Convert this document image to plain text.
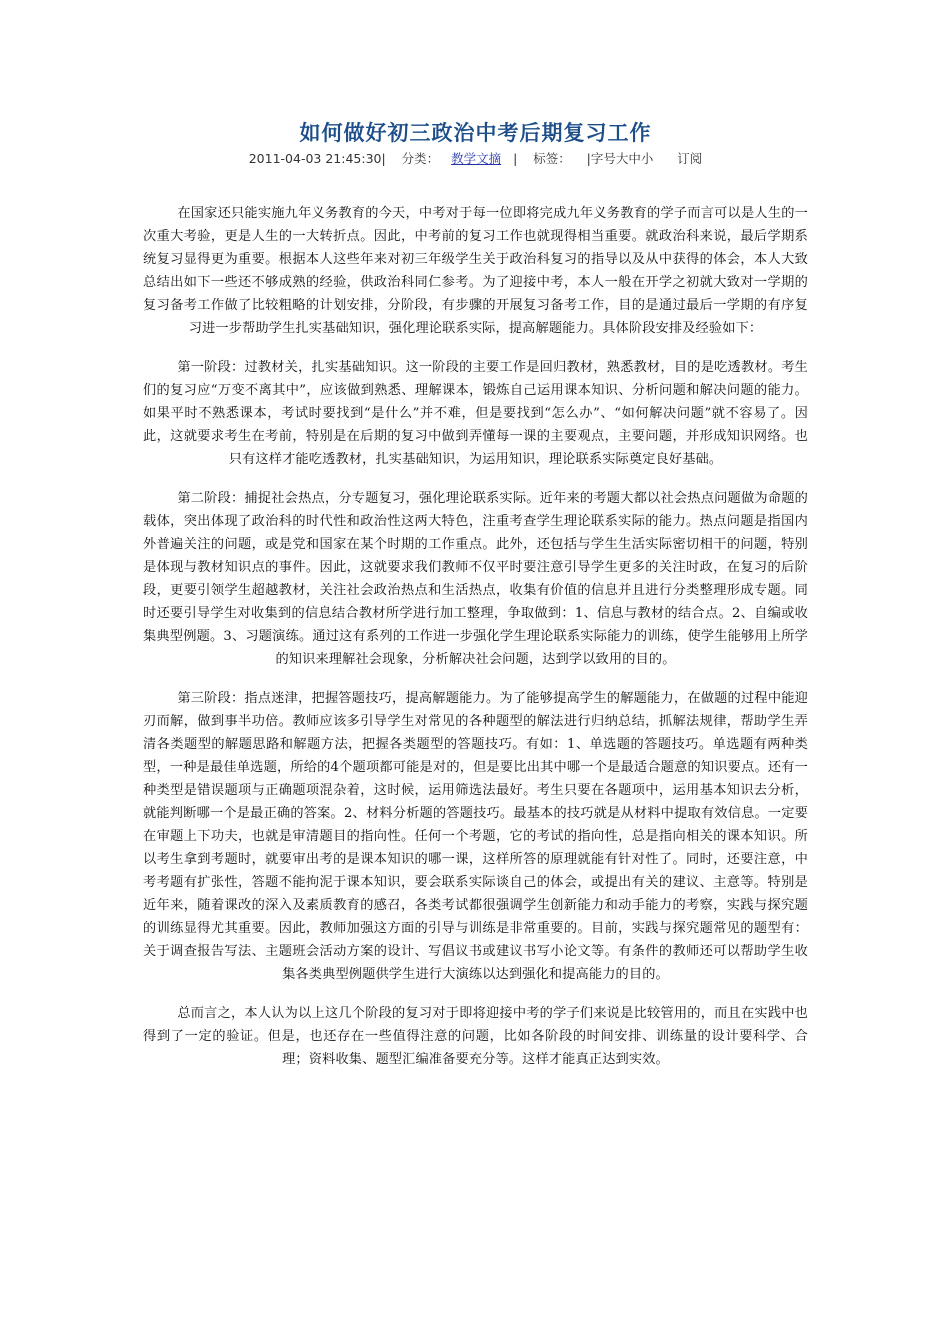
如何做好初三政治中考后期复习工作
2011-04-03 21:45:30| 分类： 教学文摘 | 标签： |字号大中小 订阅

在国家还只能实施九年义务教育的今天，中考对于每一位即将完成九年义务教育的学子而言可以是人生的一次重大考验，更是人生的一大转折点。因此，中考前的复习工作也就现得相当重要。就政治科来说，最后学期系统复习显得更为重要。根据本人这些年来对初三年级学生关于政治科复习的指导以及从中获得的体会，本人大致总结出如下一些还不够成熟的经验，供政治科同仁参考。为了迎接中考，本人一般在开学之初就大致对一学期的复习备考工作做了比较粗略的计划安排，分阶段，有步骤的开展复习备考工作，目的是通过最后一学期的有序复习进一步帮助学生扎实基础知识，强化理论联系实际，提高解题能力。具体阶段安排及经验如下：

第一阶段：过教材关，扎实基础知识。这一阶段的主要工作是回归教材，熟悉教材，目的是吃透教材。考生们的复习应“万变不离其中”，应该做到熟悉、理解课本，锻炼自己运用课本知识、分析问题和解决问题的能力。如果平时不熟悉课本，考试时要找到“是什么”并不难，但是要找到“怎么办”、“如何解决问题”就不容易了。因此，这就要求考生在考前，特别是在后期的复习中做到弄懂每一课的主要观点，主要问题，并形成知识网络。也只有这样才能吃透教材，扎实基础知识，为运用知识，理论联系实际奠定良好基础。

第二阶段：捕捉社会热点，分专题复习，强化理论联系实际。近年来的考题大都以社会热点问题做为命题的载体，突出体现了政治科的时代性和政治性这两大特色，注重考查学生理论联系实际的能力。热点问题是指国内外普遍关注的问题，或是党和国家在某个时期的工作重点。此外，还包括与学生生活实际密切相干的问题，特别是体现与教材知识点的事件。因此，这就要求我们教师不仅平时要注意引导学生更多的关注时政，在复习的后阶段，更要引领学生超越教材，关注社会政治热点和生活热点，收集有价值的信息并且进行分类整理形成专题。同时还要引导学生对收集到的信息结合教材所学进行加工整理，争取做到：1、信息与教材的结合点。2、自编或收集典型例题。3、习题演练。通过这有系列的工作进一步强化学生理论联系实际能力的训练，使学生能够用上所学的知识来理解社会现象，分析解决社会问题，达到学以致用的目的。

第三阶段：指点迷津，把握答题技巧，提高解题能力。为了能够提高学生的解题能力，在做题的过程中能迎刃而解，做到事半功倍。教师应该多引导学生对常见的各种题型的解法进行归纳总结，抓解法规律，帮助学生弄清各类题型的解题思路和解题方法，把握各类题型的答题技巧。有如：1、单选题的答题技巧。单选题有两种类型，一种是最佳单选题，所给的4个题项都可能是对的，但是要比出其中哪一个是最适合题意的知识要点。还有一种类型是错误题项与正确题项混杂着，这时候，运用筛选法最好。考生只要在各题项中，运用基本知识去分析，就能判断哪一个是最正确的答案。2、材料分析题的答题技巧。最基本的技巧就是从材料中提取有效信息。一定要在审题上下功夫，也就是审清题目的指向性。任何一个考题，它的考试的指向性，总是指向相关的课本知识。所以考生拿到考题时，就要审出考的是课本知识的哪一课，这样所答的原理就能有针对性了。同时，还要注意，中考考题有扩张性，答题不能拘泥于课本知识，要会联系实际谈自己的体会，或提出有关的建议、主意等。特别是近年来，随着课改的深入及素质教育的感召，各类考试都很强调学生创新能力和动手能力的考察，实践与探究题的训练显得尤其重要。因此，教师加强这方面的引导与训练是非常重要的。目前，实践与探究题常见的题型有：关于调查报告写法、主题班会活动方案的设计、写倡议书或建议书写小论文等。有条件的教师还可以帮助学生收集各类典型例题供学生进行大演练以达到强化和提高能力的目的。

总而言之，本人认为以上这几个阶段的复习对于即将迎接中考的学子们来说是比较管用的，而且在实践中也得到了一定的验证。但是，也还存在一些值得注意的问题，比如各阶段的时间安排、训练量的设计要科学、合理；资料收集、题型汇编准备要充分等。这样才能真正达到实效。
